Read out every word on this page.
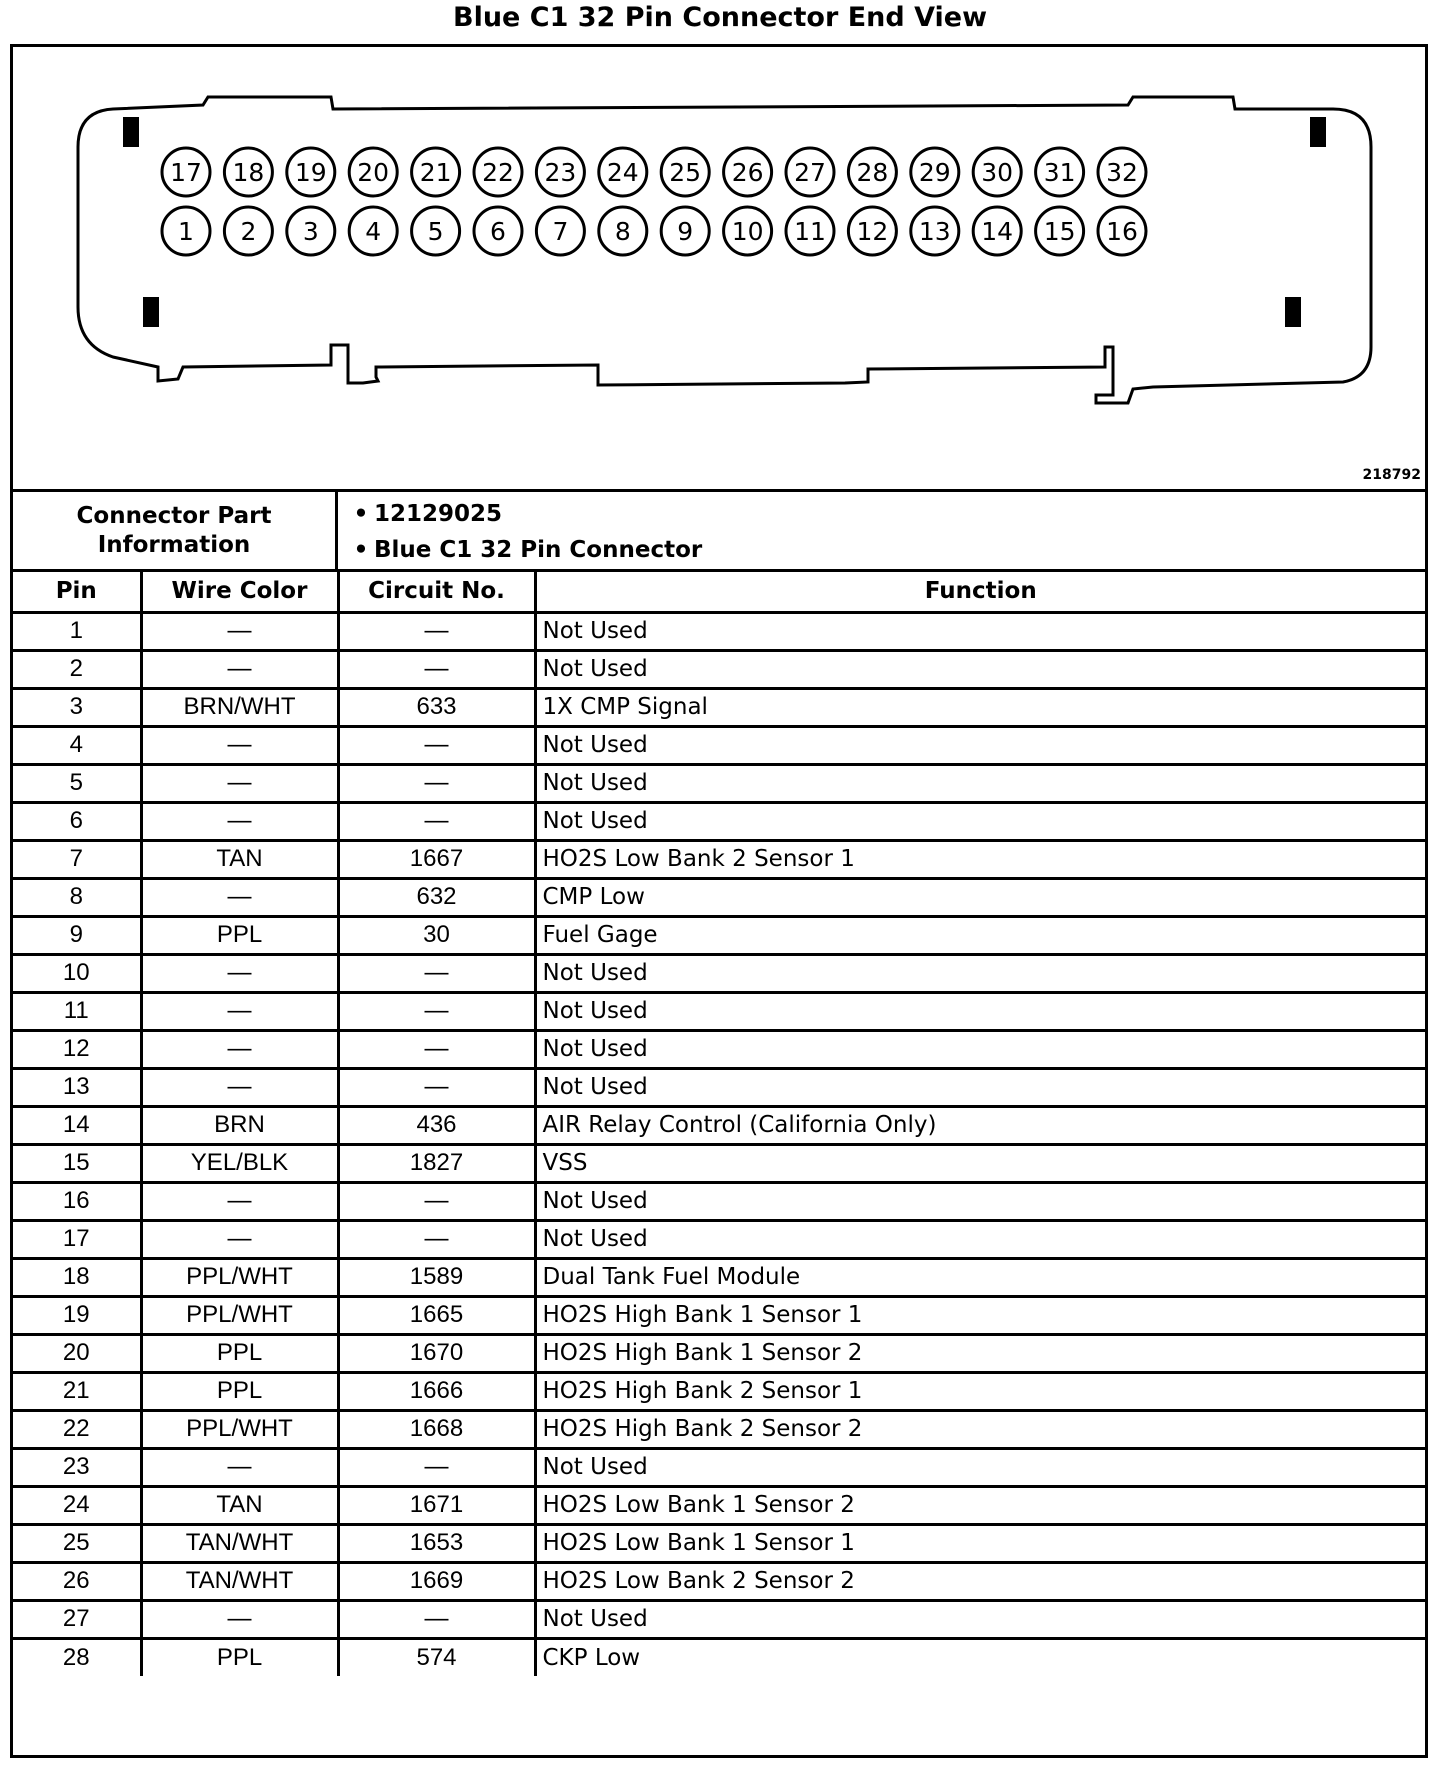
Blue C1 32 Pin Connector End View
17 18 19 20 21 22 23 24 25 26 27 28 29 30 31 32
1 2 3 4 5 6 7 8 9 10 11 12 13 14 15 16
218792
Connector Part
Information
• 12129025
• Blue C1 32 Pin Connector
Pin	Wire Color	Circuit No.	Function
1	—	—	Not Used
2	—	—	Not Used
3	BRN/WHT	633	1X CMP Signal
4	—	—	Not Used
5	—	—	Not Used
6	—	—	Not Used
7	TAN	1667	HO2S Low Bank 2 Sensor 1
8	—	632	CMP Low
9	PPL	30	Fuel Gage
10	—	—	Not Used
11	—	—	Not Used
12	—	—	Not Used
13	—	—	Not Used
14	BRN	436	AIR Relay Control (California Only)
15	YEL/BLK	1827	VSS
16	—	—	Not Used
17	—	—	Not Used
18	PPL/WHT	1589	Dual Tank Fuel Module
19	PPL/WHT	1665	HO2S High Bank 1 Sensor 1
20	PPL	1670	HO2S High Bank 1 Sensor 2
21	PPL	1666	HO2S High Bank 2 Sensor 1
22	PPL/WHT	1668	HO2S High Bank 2 Sensor 2
23	—	—	Not Used
24	TAN	1671	HO2S Low Bank 1 Sensor 2
25	TAN/WHT	1653	HO2S Low Bank 1 Sensor 1
26	TAN/WHT	1669	HO2S Low Bank 2 Sensor 2
27	—	—	Not Used
28	PPL	574	CKP Low
